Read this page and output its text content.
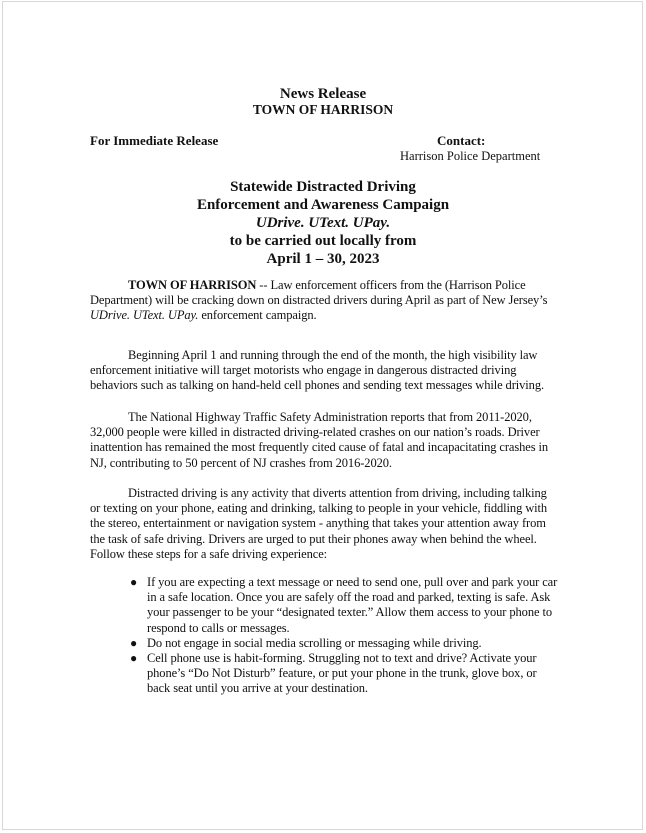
News Release
TOWN OF HARRISON
For Immediate Release	Contact:
Harrison Police Department
Statewide Distracted Driving
Enforcement and Awareness Campaign
UDrive. UText. UPay.
to be carried out locally from
April 1 – 30, 2023

TOWN OF HARRISON -- Law enforcement officers from the (Harrison Police Department) will be cracking down on distracted drivers during April as part of New Jersey’s UDrive. UText. UPay. enforcement campaign.

Beginning April 1 and running through the end of the month, the high visibility law enforcement initiative will target motorists who engage in dangerous distracted driving behaviors such as talking on hand-held cell phones and sending text messages while driving.

The National Highway Traffic Safety Administration reports that from 2011-2020, 32,000 people were killed in distracted driving-related crashes on our nation’s roads. Driver inattention has remained the most frequently cited cause of fatal and incapacitating crashes in NJ, contributing to 50 percent of NJ crashes from 2016-2020.

Distracted driving is any activity that diverts attention from driving, including talking or texting on your phone, eating and drinking, talking to people in your vehicle, fiddling with the stereo, entertainment or navigation system - anything that takes your attention away from the task of safe driving. Drivers are urged to put their phones away when behind the wheel. Follow these steps for a safe driving experience:

● If you are expecting a text message or need to send one, pull over and park your car in a safe location. Once you are safely off the road and parked, texting is safe. Ask your passenger to be your “designated texter.” Allow them access to your phone to respond to calls or messages.
● Do not engage in social media scrolling or messaging while driving.
● Cell phone use is habit-forming. Struggling not to text and drive? Activate your phone’s “Do Not Disturb” feature, or put your phone in the trunk, glove box, or back seat until you arrive at your destination.
